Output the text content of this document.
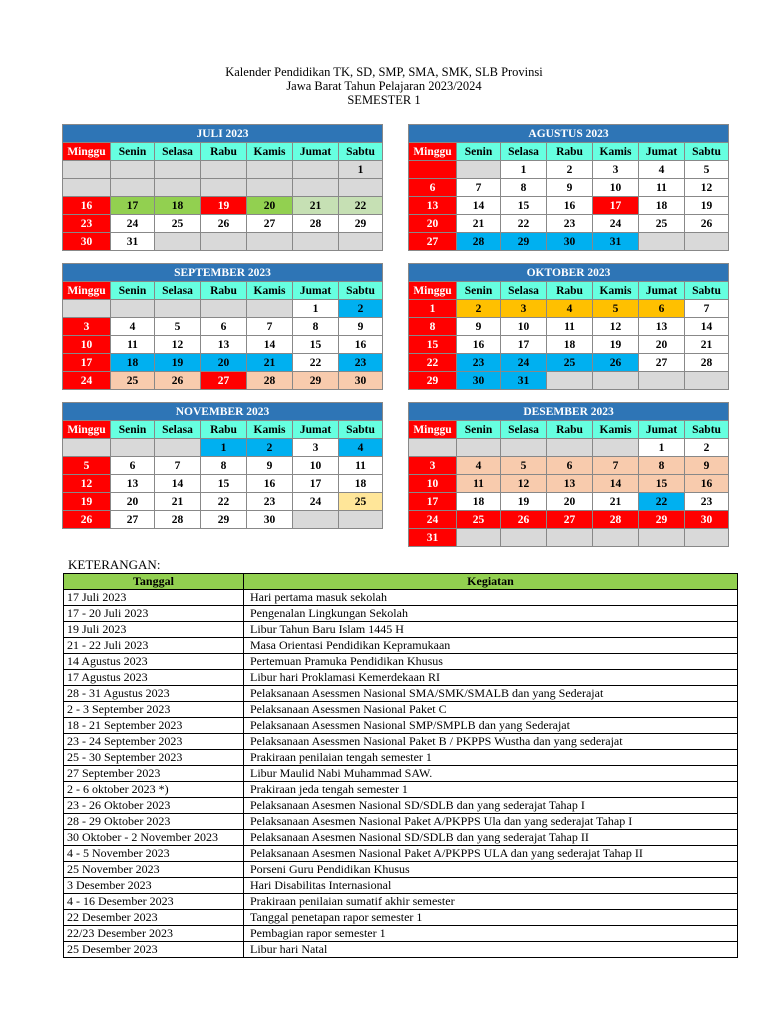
Kalender Pendidikan TK, SD, SMP, SMA, SMK, SLB Provinsi
Jawa Barat Tahun Pelajaran 2023/2024
SEMESTER 1
JULI 2023						
Minggu	Senin	Selasa	Rabu	Kamis	Jumat	Sabtu
						1

16	17	18	19	20	21	22
23	24	25	26	27	28	29
30	31					
AGUSTUS 2023						
Minggu	Senin	Selasa	Rabu	Kamis	Jumat	Sabtu
		1	2	3	4	5
6	7	8	9	10	11	12
13	14	15	16	17	18	19
20	21	22	23	24	25	26
27	28	29	30	31		
SEPTEMBER 2023						
Minggu	Senin	Selasa	Rabu	Kamis	Jumat	Sabtu
					1	2
3	4	5	6	7	8	9
10	11	12	13	14	15	16
17	18	19	20	21	22	23
24	25	26	27	28	29	30
OKTOBER 2023						
Minggu	Senin	Selasa	Rabu	Kamis	Jumat	Sabtu
1	2	3	4	5	6	7
8	9	10	11	12	13	14
15	16	17	18	19	20	21
22	23	24	25	26	27	28
29	30	31				
NOVEMBER 2023						
Minggu	Senin	Selasa	Rabu	Kamis	Jumat	Sabtu
			1	2	3	4
5	6	7	8	9	10	11
12	13	14	15	16	17	18
19	20	21	22	23	24	25
26	27	28	29	30		
DESEMBER 2023						
Minggu	Senin	Selasa	Rabu	Kamis	Jumat	Sabtu
					1	2
3	4	5	6	7	8	9
10	11	12	13	14	15	16
17	18	19	20	21	22	23
24	25	26	27	28	29	30
31						
KETERANGAN:
Tanggal	Kegiatan
17 Juli 2023	Hari pertama masuk sekolah
17 - 20 Juli 2023	Pengenalan Lingkungan Sekolah
19 Juli 2023	Libur Tahun Baru Islam 1445 H
21 - 22 Juli 2023	Masa Orientasi Pendidikan Kepramukaan
14 Agustus 2023	Pertemuan Pramuka Pendidikan Khusus
17 Agustus 2023	Libur hari Proklamasi Kemerdekaan RI
28 - 31 Agustus 2023	Pelaksanaan Asessmen Nasional SMA/SMK/SMALB dan yang Sederajat
2 - 3 September 2023	Pelaksanaan Asessmen Nasional Paket C
18 - 21 September 2023	Pelaksanaan Asessmen Nasional SMP/SMPLB dan yang Sederajat
23 - 24 September 2023	Pelaksanaan Asessmen Nasional Paket B / PKPPS Wustha dan yang sederajat
25 - 30 September 2023	Prakiraan penilaian tengah semester 1
27 September 2023	Libur Maulid Nabi Muhammad SAW.
2 - 6 oktober 2023 *)	Prakiraan jeda tengah semester 1
23 - 26 Oktober 2023	Pelaksanaan Asesmen Nasional SD/SDLB dan yang sederajat Tahap I
28 - 29 Oktober 2023	Pelaksanaan Asesmen Nasional Paket A/PKPPS Ula dan yang sederajat Tahap I
30 Oktober - 2 November 2023	Pelaksanaan Asesmen Nasional SD/SDLB dan yang sederajat Tahap II
4 - 5 November 2023	Pelaksanaan Asesmen Nasional Paket A/PKPPS ULA dan yang sederajat Tahap II
25 November 2023	Porseni Guru Pendidikan Khusus
3 Desember 2023	Hari Disabilitas Internasional
4 - 16 Desember 2023	Prakiraan penilaian sumatif akhir semester
22 Desember 2023	Tanggal penetapan rapor semester 1
22/23 Desember 2023	Pembagian rapor semester 1
25 Desember 2023	Libur hari Natal
